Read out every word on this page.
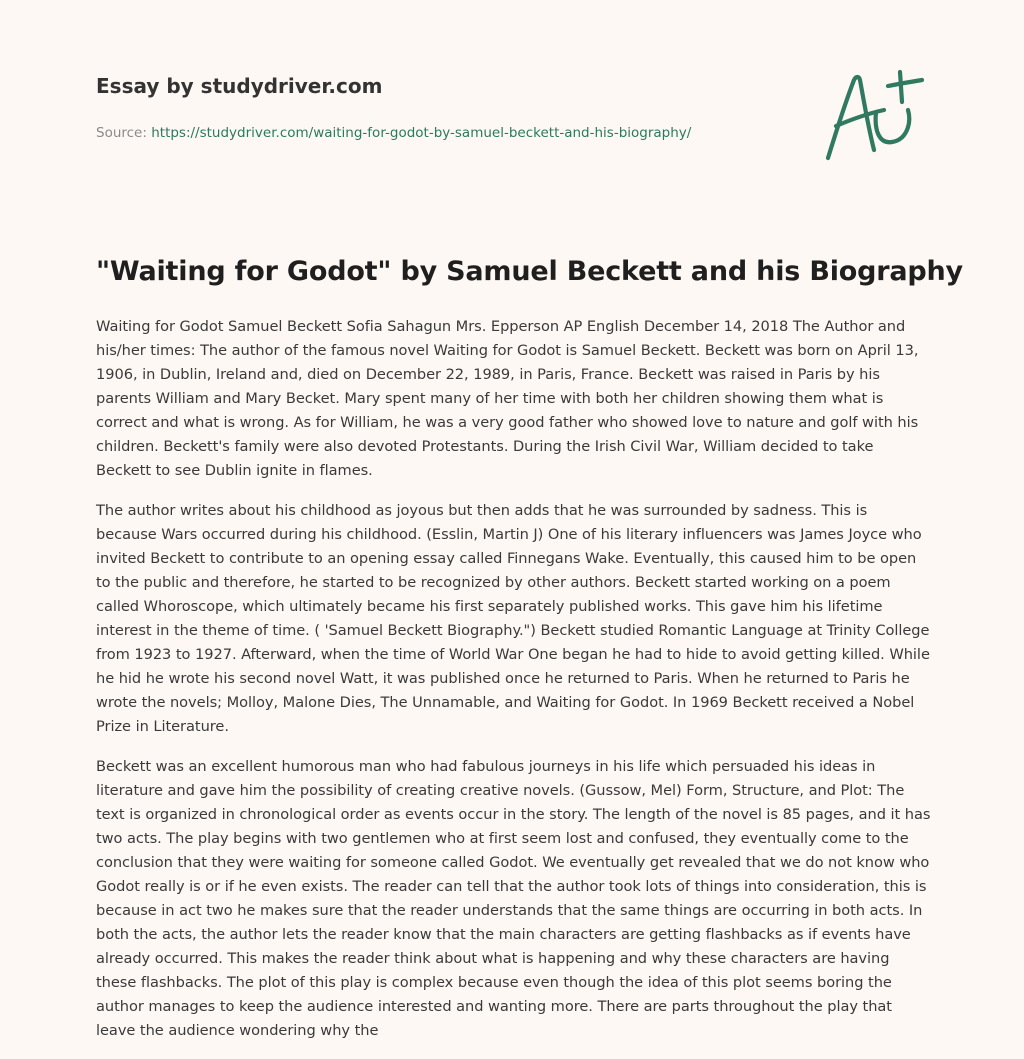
Essay by studydriver.com
Source: https://studydriver.com/waiting-for-godot-by-samuel-beckett-and-his-biography/
"Waiting for Godot" by Samuel Beckett and his Biography

Waiting for Godot Samuel Beckett Sofia Sahagun Mrs. Epperson AP English December 14, 2018 The Author and his/her times: The author of the famous novel Waiting for Godot is Samuel Beckett. Beckett was born on April 13, 1906, in Dublin, Ireland and, died on December 22, 1989, in Paris, France. Beckett was raised in Paris by his parents William and Mary Becket. Mary spent many of her time with both her children showing them what is correct and what is wrong. As for William, he was a very good father who showed love to nature and golf with his children. Beckett's family were also devoted Protestants. During the Irish Civil War, William decided to take Beckett to see Dublin ignite in flames.

The author writes about his childhood as joyous but then adds that he was surrounded by sadness. This is because Wars occurred during his childhood. (Esslin, Martin J) One of his literary influencers was James Joyce who invited Beckett to contribute to an opening essay called Finnegans Wake. Eventually, this caused him to be open to the public and therefore, he started to be recognized by other authors. Beckett started working on a poem called Whoroscope, which ultimately became his first separately published works. This gave him his lifetime interest in the theme of time. ( 'Samuel Beckett Biography.") Beckett studied Romantic Language at Trinity College from 1923 to 1927. Afterward, when the time of World War One began he had to hide to avoid getting killed. While he hid he wrote his second novel Watt, it was published once he returned to Paris. When he returned to Paris he wrote the novels; Molloy, Malone Dies, The Unnamable, and Waiting for Godot. In 1969 Beckett received a Nobel Prize in Literature.

Beckett was an excellent humorous man who had fabulous journeys in his life which persuaded his ideas in literature and gave him the possibility of creating creative novels. (Gussow, Mel) Form, Structure, and Plot: The text is organized in chronological order as events occur in the story. The length of the novel is 85 pages, and it has two acts. The play begins with two gentlemen who at first seem lost and confused, they eventually come to the conclusion that they were waiting for someone called Godot. We eventually get revealed that we do not know who Godot really is or if he even exists. The reader can tell that the author took lots of things into consideration, this is because in act two he makes sure that the reader understands that the same things are occurring in both acts. In both the acts, the author lets the reader know that the main characters are getting flashbacks as if events have already occurred. This makes the reader think about what is happening and why these characters are having these flashbacks. The plot of this play is complex because even though the idea of this plot seems boring the author manages to keep the audience interested and wanting more. There are parts throughout the play that leave the audience wondering why the
